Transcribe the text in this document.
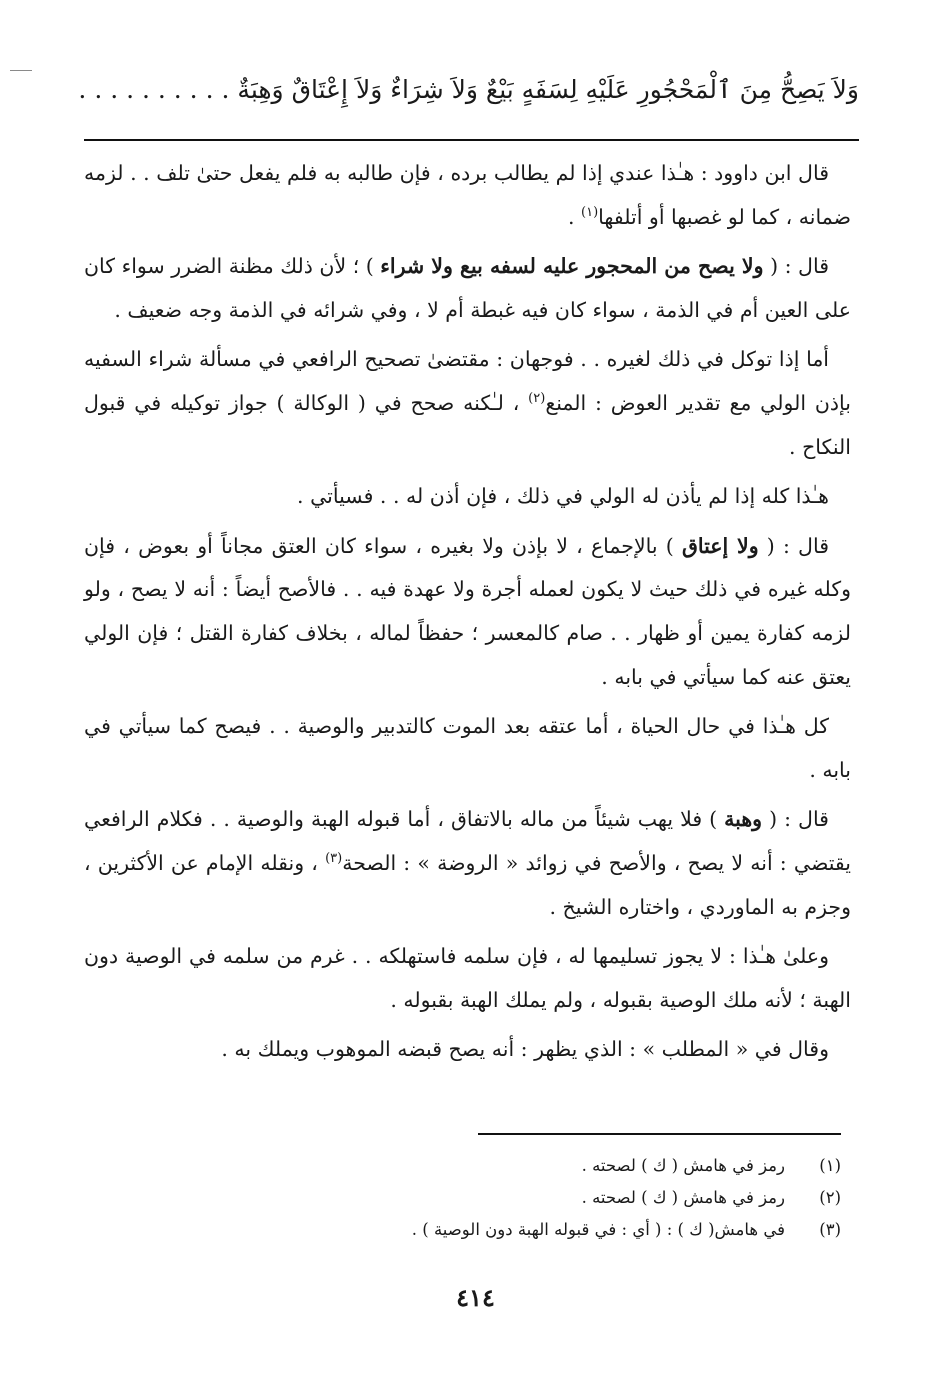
وَلاَ يَصِحُّ مِنَ ٱلْمَحْجُورِ عَلَيْهِ لِسَفَهٍ بَيْعٌ وَلاَ شِرَاءٌ وَلاَ إِعْتَاقٌ وَهِبَةٌ. . . . . . . . . .

قال ابن داوود : هـٰذا عندي إذا لم يطالب برده ، فإن طالبه به فلم يفعل حتىٰ تلف . . لزمه ضمانه ، كما لو غصبها أو أتلفها$^{(١)}$ .

قال : ( ولا يصح من المحجور عليه لسفه بيع ولا شراء ) ؛ لأن ذلك مظنة الضرر سواء كان على العين أم في الذمة ، سواء كان فيه غبطة أم لا ، وفي شرائه في الذمة وجه ضعيف .

أما إذا توكل في ذلك لغيره . . فوجهان : مقتضىٰ تصحيح الرافعي في مسألة شراء السفيه بإذن الولي مع تقدير العوض : المنع$^{(٢)}$ ، لـٰكنه صحح في ( الوكالة ) جواز توكيله في قبول النكاح .

هـٰذا كله إذا لم يأذن له الولي في ذلك ، فإن أذن له . . فسيأتي .

قال : ( ولا إعتاق ) بالإجماع ، لا بإذن ولا بغيره ، سواء كان العتق مجاناً أو بعوض ، فإن وكله غيره في ذلك حيث لا يكون لعمله أجرة ولا عهدة فيه . . فالأصح أيضاً : أنه لا يصح ، ولو لزمه كفارة يمين أو ظهار . . صام كالمعسر ؛ حفظاً لماله ، بخلاف كفارة القتل ؛ فإن الولي يعتق عنه كما سيأتي في بابه .

كل هـٰذا في حال الحياة ، أما عتقه بعد الموت كالتدبير والوصية . . فيصح كما سيأتي في بابه .

قال : ( وهبة ) فلا يهب شيئاً من ماله بالاتفاق ، أما قبوله الهبة والوصية . . فكلام الرافعي يقتضي : أنه لا يصح ، والأصح في زوائد « الروضة » : الصحة$^{(٣)}$ ، ونقله الإمام عن الأكثرين ، وجزم به الماوردي ، واختاره الشيخ .

وعلىٰ هـٰذا : لا يجوز تسليمها له ، فإن سلمه فاستهلكه . . غرم من سلمه في الوصية دون الهبة ؛ لأنه ملك الوصية بقبوله ، ولم يملك الهبة بقبوله .

وقال في « المطلب » : الذي يظهر : أنه يصح قبضه الموهوب ويملك به .

(١)
رمز في هامش ( ك ) لصحته .
(٢)
رمز في هامش ( ك ) لصحته .
(٣)
في هامش( ك ) : ( أي : في قبوله الهبة دون الوصية ) .
٤١٤
